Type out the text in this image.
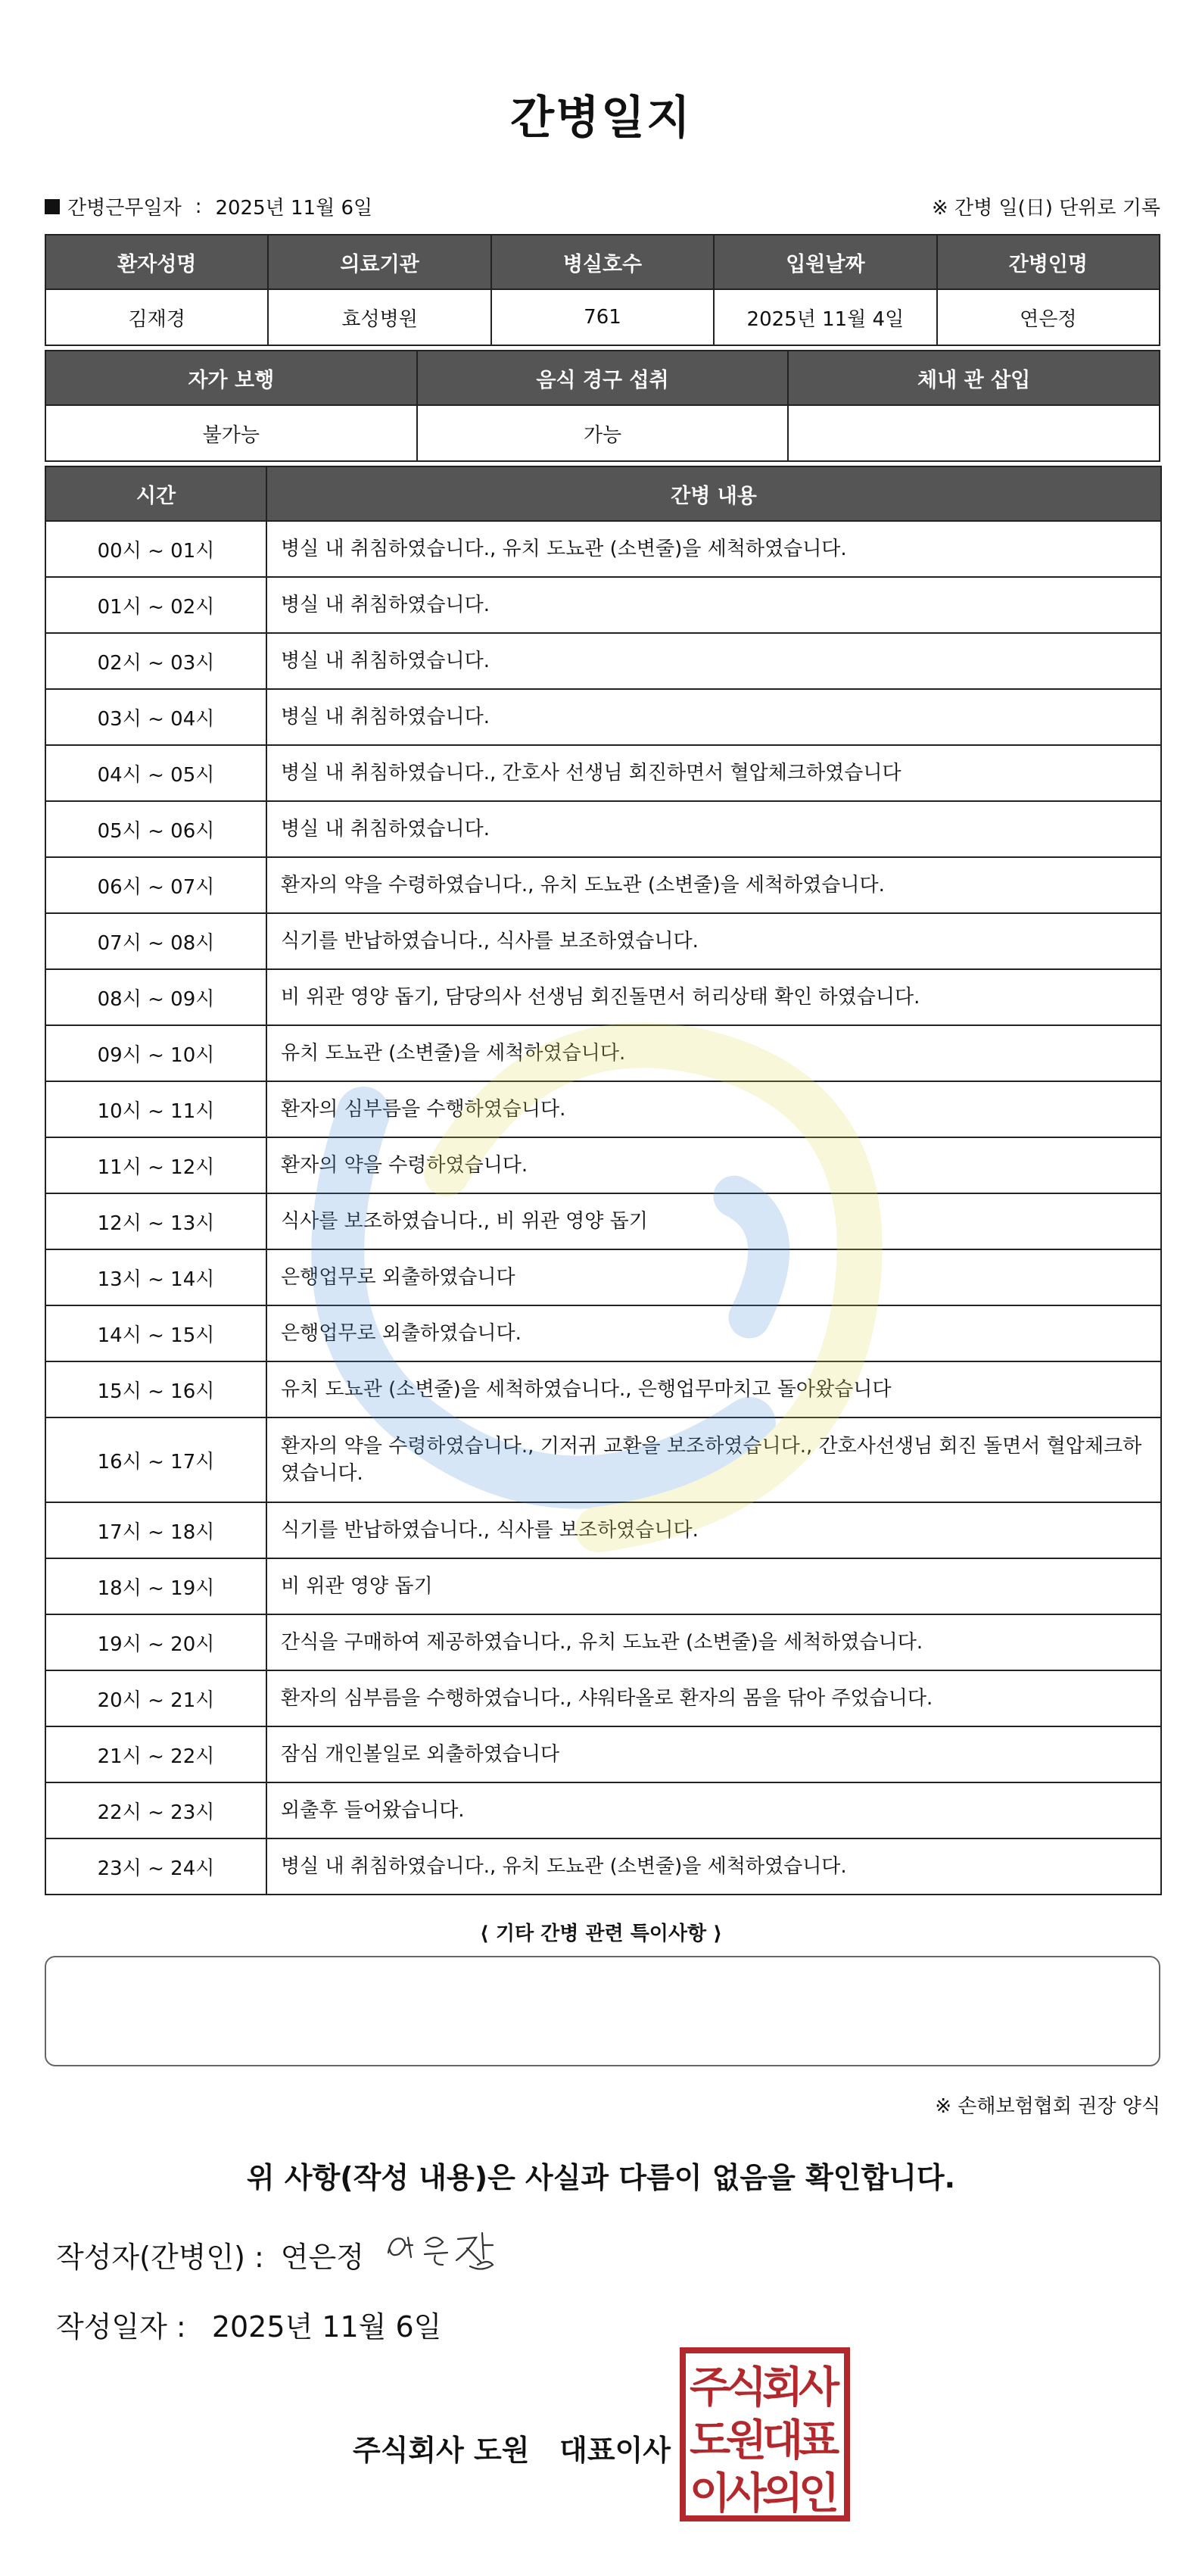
간병일지
간병근무일자 : 2025년 11월 6일	※ 간병 일(日) 단위로 기록
환자성명	의료기관	병실호수	입원날짜	간병인명
김재경	효성병원	761	2025년 11월 4일	연은정
자가 보행	음식 경구 섭취	체내 관 삽입
불가능	가능	
시간	간병 내용
00시 ~ 01시	병실 내 취침하였습니다., 유치 도뇨관 (소변줄)을 세척하였습니다.
01시 ~ 02시	병실 내 취침하였습니다.
02시 ~ 03시	병실 내 취침하였습니다.
03시 ~ 04시	병실 내 취침하였습니다.
04시 ~ 05시	병실 내 취침하였습니다., 간호사 선생님 회진하면서 혈압체크하였습니다
05시 ~ 06시	병실 내 취침하였습니다.
06시 ~ 07시	환자의 약을 수령하였습니다., 유치 도뇨관 (소변줄)을 세척하였습니다.
07시 ~ 08시	식기를 반납하였습니다., 식사를 보조하였습니다.
08시 ~ 09시	비 위관 영양 돕기, 담당의사 선생님 회진돌면서 허리상태 확인 하였습니다.
09시 ~ 10시	유치 도뇨관 (소변줄)을 세척하였습니다.
10시 ~ 11시	환자의 심부름을 수행하였습니다.
11시 ~ 12시	환자의 약을 수령하였습니다.
12시 ~ 13시	식사를 보조하였습니다., 비 위관 영양 돕기
13시 ~ 14시	은행업무로 외출하였습니다
14시 ~ 15시	은행업무로 외출하였습니다.
15시 ~ 16시	유치 도뇨관 (소변줄)을 세척하였습니다., 은행업무마치고 돌아왔습니다
16시 ~ 17시	환자의 약을 수령하였습니다., 기저귀 교환을 보조하였습니다., 간호사선생님 회진 돌면서 혈압체크하였습니다.
17시 ~ 18시	식기를 반납하였습니다., 식사를 보조하였습니다.
18시 ~ 19시	비 위관 영양 돕기
19시 ~ 20시	간식을 구매하여 제공하였습니다., 유치 도뇨관 (소변줄)을 세척하였습니다.
20시 ~ 21시	환자의 심부름을 수행하였습니다., 샤워타올로 환자의 몸을 닦아 주었습니다.
21시 ~ 22시	잠심 개인볼일로 외출하였습니다
22시 ~ 23시	외출후 들어왔습니다.
23시 ~ 24시	병실 내 취침하였습니다., 유치 도뇨관 (소변줄)을 세척하였습니다.
⟨ 기타 간병 관련 특이사항 ⟩
※ 손해보험협회 권장 양식
위 사항(작성 내용)은 사실과 다름이 없음을 확인합니다.
작성자(간병인) : 연은정
작성일자 : 2025년 11월 6일
주식회사 도원   대표이사
주
식
회
사
도
원
대
표
이
사
의
인
